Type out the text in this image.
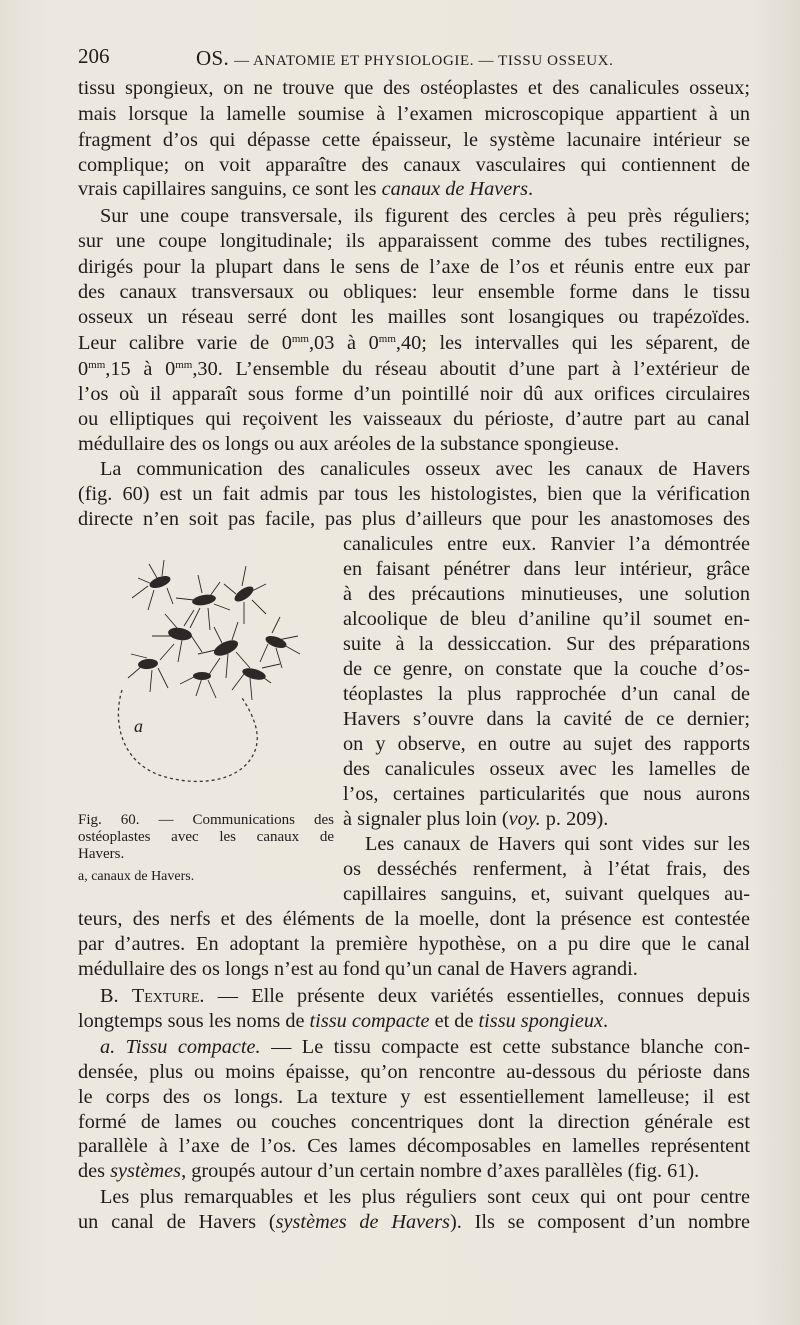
206	OS. — ANATOMIE ET PHYSIOLOGIE. — TISSU OSSEUX.
tissu spongieux, on ne trouve que des ostéoplastes et des canalicules osseux;
mais lorsque la lamelle soumise à l’examen microscopique appartient à un
fragment d’os qui dépasse cette épaisseur, le système lacunaire intérieur se
complique; on voit apparaître des canaux vasculaires qui contiennent de
vrais capillaires sanguins, ce sont les canaux de Havers.
Sur une coupe transversale, ils figurent des cercles à peu près réguliers;
sur une coupe longitudinale; ils apparaissent comme des tubes rectilignes,
dirigés pour la plupart dans le sens de l’axe de l’os et réunis entre eux par
des canaux transversaux ou obliques: leur ensemble forme dans le tissu
osseux un réseau serré dont les mailles sont losangiques ou trapézoïdes.
Leur calibre varie de $0^{mm},03$ à $0^{mm},40$; les intervalles qui les séparent, de
$0^{mm},15$ à $0^{mm},30$. L’ensemble du réseau aboutit d’une part à l’extérieur de
l’os où il apparaît sous forme d’un pointillé noir dû aux orifices circulaires
ou elliptiques qui reçoivent les vaisseaux du périoste, d’autre part au canal
médullaire des os longs ou aux aréoles de la substance spongieuse.
La communication des canalicules osseux avec les canaux de Havers
(fig. 60) est un fait admis par tous les histologistes, bien que la vérification
directe n’en soit pas facile, pas plus d’ailleurs que pour les anastomoses des
canalicules entre eux. Ranvier l’a démontrée
en faisant pénétrer dans leur intérieur, grâce
à des précautions minutieuses, une solution
alcoolique de bleu d’aniline qu’il soumet en-
suite à la dessiccation. Sur des préparations
de ce genre, on constate que la couche d’os-
téoplastes la plus rapprochée d’un canal de
Havers s’ouvre dans la cavité de ce dernier;
on y observe, en outre au sujet des rapports
des canalicules osseux avec les lamelles de
l’os, certaines particularités que nous aurons
à signaler plus loin (voy. p. 209).
a
Fig. 60. — Communications des
ostéoplastes avec les canaux de
Havers.
a, canaux de Havers.
Les canaux de Havers qui sont vides sur les
os desséchés renferment, à l’état frais, des
capillaires sanguins, et, suivant quelques au-
teurs, des nerfs et des éléments de la moelle, dont la présence est contestée
par d’autres. En adoptant la première hypothèse, on a pu dire que le canal
médullaire des os longs n’est au fond qu’un canal de Havers agrandi.
B. Texture. — Elle présente deux variétés essentielles, connues depuis
longtemps sous les noms de tissu compacte et de tissu spongieux.
a. Tissu compacte. — Le tissu compacte est cette substance blanche con-
densée, plus ou moins épaisse, qu’on rencontre au-dessous du périoste dans
le corps des os longs. La texture y est essentiellement lamelleuse; il est
formé de lames ou couches concentriques dont la direction générale est
parallèle à l’axe de l’os. Ces lames décomposables en lamelles représentent
des systèmes, groupés autour d’un certain nombre d’axes parallèles (fig. 61).
Les plus remarquables et les plus réguliers sont ceux qui ont pour centre
un canal de Havers (systèmes de Havers). Ils se composent d’un nombre
